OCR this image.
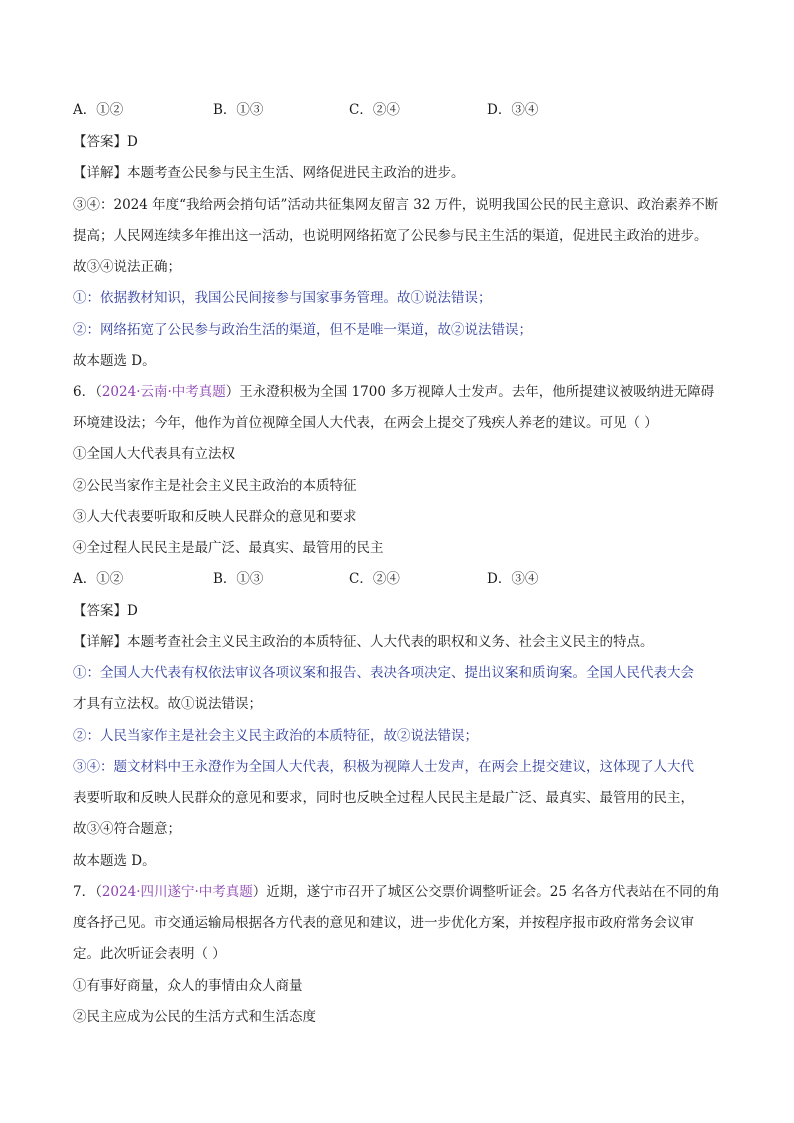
A．①②	B．①③	C．②④	D．③④
【答案】D
【详解】本题考查公民参与民主生活、网络促进民主政治的进步。
③④：2024 年度“我给两会捎句话”活动共征集网友留言 32 万件，说明我国公民的民主意识、政治素养不断
提高；人民网连续多年推出这一活动，也说明网络拓宽了公民参与民主生活的渠道，促进民主政治的进步。
故③④说法正确；
①：依据教材知识，我国公民间接参与国家事务管理。故①说法错误；
②：网络拓宽了公民参与政治生活的渠道，但不是唯一渠道，故②说法错误；
故本题选 D。
6．（2024·云南·中考真题）王永澄积极为全国 1700 多万视障人士发声。去年，他所提建议被吸纳进无障碍
环境建设法；今年，他作为首位视障全国人大代表，在两会上提交了残疾人养老的建议。可见（ ）
①全国人大代表具有立法权
②公民当家作主是社会主义民主政治的本质特征
③人大代表要听取和反映人民群众的意见和要求
④全过程人民民主是最广泛、最真实、最管用的民主
A．①②	B．①③	C．②④	D．③④
【答案】D
【详解】本题考查社会主义民主政治的本质特征、人大代表的职权和义务、社会主义民主的特点。
①：全国人大代表有权依法审议各项议案和报告、表决各项决定、提出议案和质询案。全国人民代表大会
才具有立法权。故①说法错误；
②：人民当家作主是社会主义民主政治的本质特征，故②说法错误；
③④：题文材料中王永澄作为全国人大代表，积极为视障人士发声，在两会上提交建议，这体现了人大代
表要听取和反映人民群众的意见和要求，同时也反映全过程人民民主是最广泛、最真实、最管用的民主，
故③④符合题意；
故本题选 D。
7．（2024·四川遂宁·中考真题）近期，遂宁市召开了城区公交票价调整听证会。25 名各方代表站在不同的角
度各抒己见。市交通运输局根据各方代表的意见和建议，进一步优化方案，并按程序报市政府常务会议审
定。此次听证会表明（ ）
①有事好商量，众人的事情由众人商量
②民主应成为公民的生活方式和生活态度
